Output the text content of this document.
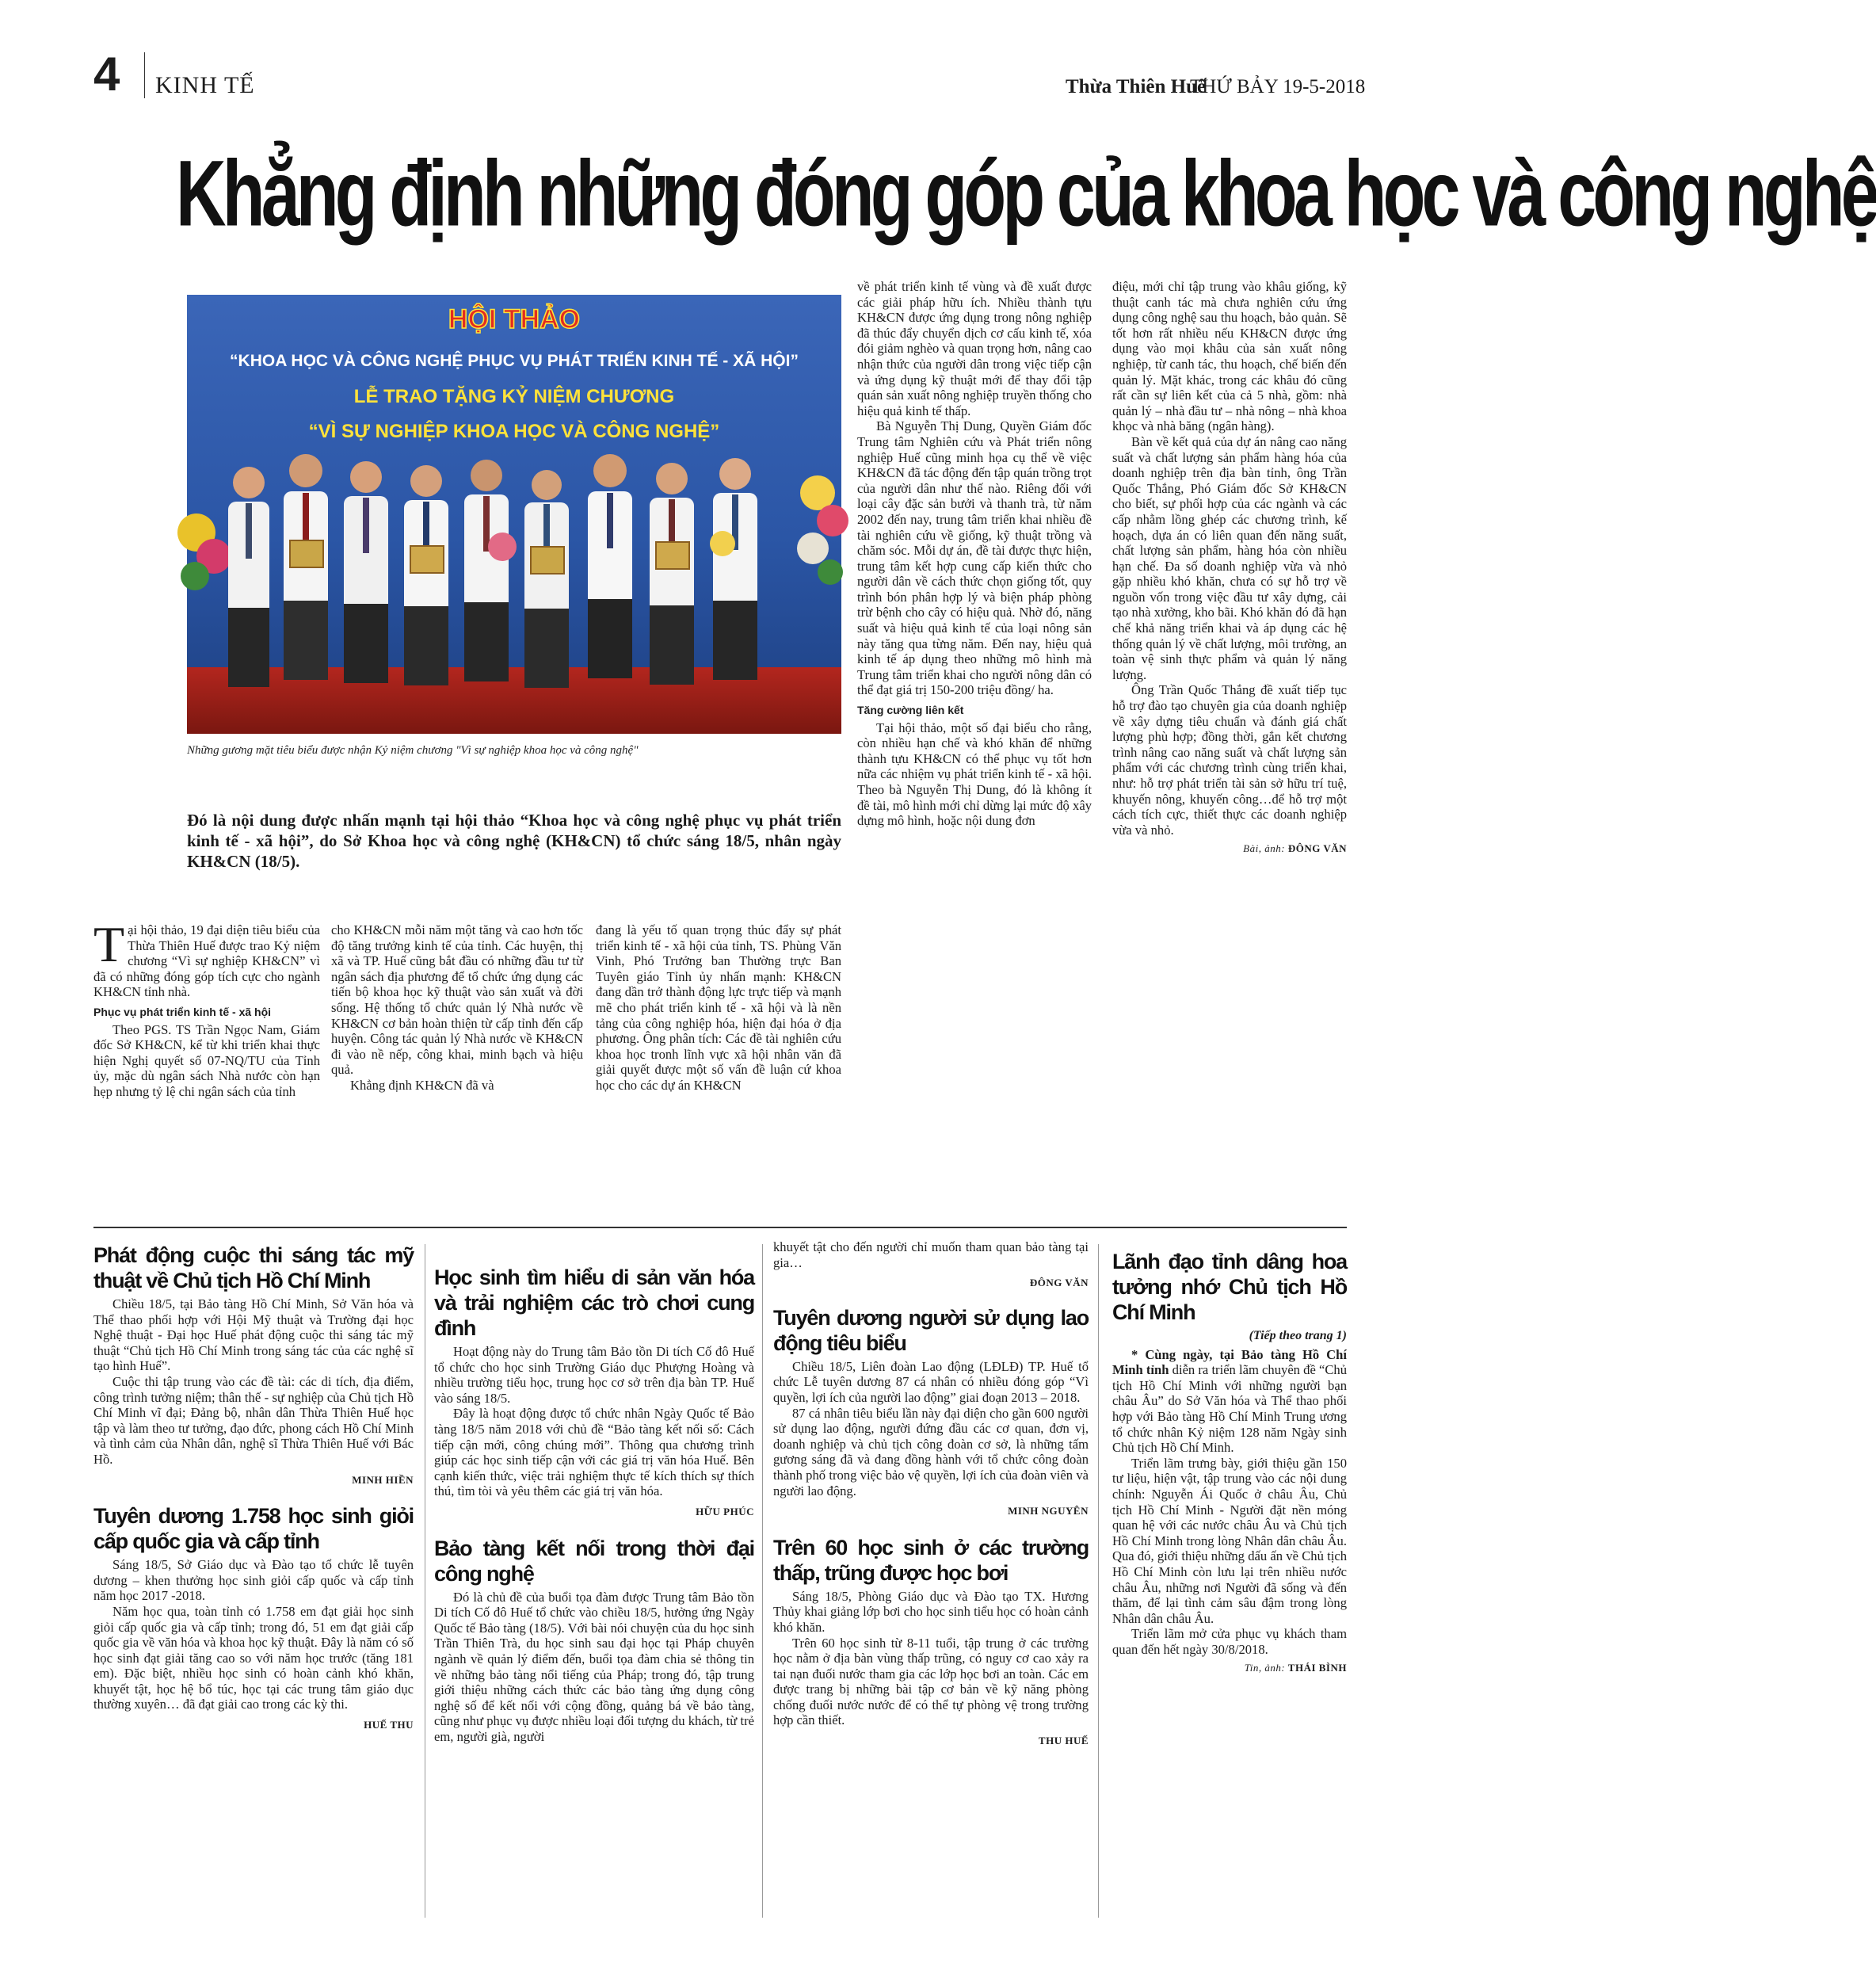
4 KINH TẾ	Thừa Thiên Huế
THỨ BẢY 19-5-2018
Khẳng định những đóng góp của khoa học và công nghệ
HỘI THẢO
“KHOA HỌC VÀ CÔNG NGHỆ PHỤC VỤ PHÁT TRIỂN KINH TẾ - XÃ HỘI”
LỄ TRAO TẶNG KỶ NIỆM CHƯƠNG
“VÌ SỰ NGHIỆP KHOA HỌC VÀ CÔNG NGHỆ”
Những gương mặt tiêu biểu được nhận Kỷ niệm chương "Vì sự nghiệp khoa học và công nghệ"
Đó là nội dung được nhấn mạnh tại hội thảo “Khoa học và công nghệ phục vụ phát triển kinh tế - xã hội”, do Sở Khoa học và công nghệ (KH&CN) tổ chức sáng 18/5, nhân ngày KH&CN (18/5).

Tại hội thảo, 19 đại diện tiêu biểu của Thừa Thiên Huế được trao Kỷ niệm chương “Vì sự nghiệp KH&CN” vì đã có những đóng góp tích cực cho ngành KH&CN tỉnh nhà.

Phục vụ phát triển kinh tế - xã hội

Theo PGS. TS Trần Ngọc Nam, Giám đốc Sở KH&CN, kể từ khi triển khai thực hiện Nghị quyết số 07-NQ/TU của Tỉnh ủy, mặc dù ngân sách Nhà nước còn hạn hẹp nhưng tỷ lệ chi ngân sách của tỉnh

cho KH&CN mỗi năm một tăng và cao hơn tốc độ tăng trưởng kinh tế của tỉnh. Các huyện, thị xã và TP. Huế cũng bắt đầu có những đầu tư từ ngân sách địa phương để tổ chức ứng dụng các tiến bộ khoa học kỹ thuật vào sản xuất và đời sống. Hệ thống tổ chức quản lý Nhà nước về KH&CN cơ bản hoàn thiện từ cấp tỉnh đến cấp huyện. Công tác quản lý Nhà nước về KH&CN đi vào nề nếp, công khai, minh bạch và hiệu quả.

Khẳng định KH&CN đã và

đang là yếu tố quan trọng thúc đẩy sự phát triển kinh tế - xã hội của tỉnh, TS. Phùng Văn Vinh, Phó Trưởng ban Thường trực Ban Tuyên giáo Tỉnh ủy nhấn mạnh: KH&CN đang dần trở thành động lực trực tiếp và mạnh mẽ cho phát triển kinh tế - xã hội và là nền tảng của công nghiệp hóa, hiện đại hóa ở địa phương. Ông phân tích: Các đề tài nghiên cứu khoa học tronh lĩnh vực xã hội nhân văn đã giải quyết được một số vấn đề luận cứ khoa học cho các dự án KH&CN

về phát triển kinh tế vùng và đề xuất được các giải pháp hữu ích. Nhiều thành tựu KH&CN được ứng dụng trong nông nghiệp đã thúc đẩy chuyển dịch cơ cấu kinh tế, xóa đói giảm nghèo và quan trọng hơn, nâng cao nhận thức của người dân trong việc tiếp cận và ứng dụng kỹ thuật mới để thay đổi tập quán sản xuất nông nghiệp truyền thống cho hiệu quả kinh tế thấp.

Bà Nguyễn Thị Dung, Quyền Giám đốc Trung tâm Nghiên cứu và Phát triển nông nghiệp Huế cũng minh họa cụ thể về việc KH&CN đã tác động đến tập quán trồng trọt của người dân như thế nào. Riêng đối với loại cây đặc sản bưởi và thanh trà, từ năm 2002 đến nay, trung tâm triển khai nhiều đề tài nghiên cứu về giống, kỹ thuật trồng và chăm sóc. Mỗi dự án, đề tài được thực hiện, trung tâm kết hợp cung cấp kiến thức cho người dân về cách thức chọn giống tốt, quy trình bón phân hợp lý và biện pháp phòng trừ bệnh cho cây có hiệu quả. Nhờ đó, năng suất và hiệu quả kinh tế của loại nông sản này tăng qua từng năm. Đến nay, hiệu quả kinh tế áp dụng theo những mô hình mà Trung tâm triển khai cho người nông dân có thể đạt giá trị 150-200 triệu đồng/ ha.

Tăng cường liên kết

Tại hội thảo, một số đại biểu cho rằng, còn nhiều hạn chế và khó khăn để những thành tựu KH&CN có thể phục vụ tốt hơn nữa các nhiệm vụ phát triển kinh tế - xã hội. Theo bà Nguyễn Thị Dung, đó là không ít đề tài, mô hình mới chỉ dừng lại mức độ xây dựng mô hình, hoặc nội dung đơn

điệu, mới chỉ tập trung vào khâu giống, kỹ thuật canh tác mà chưa nghiên cứu ứng dụng công nghệ sau thu hoạch, bảo quản. Sẽ tốt hơn rất nhiều nếu KH&CN được ứng dụng vào mọi khâu của sản xuất nông nghiệp, từ canh tác, thu hoạch, chế biến đến quản lý. Mặt khác, trong các khâu đó cũng rất cần sự liên kết của cả 5 nhà, gồm: nhà quản lý – nhà đầu tư – nhà nông – nhà khoa khọc và nhà băng (ngân hàng).

Bàn về kết quả của dự án nâng cao năng suất và chất lượng sản phẩm hàng hóa của doanh nghiệp trên địa bàn tỉnh, ông Trần Quốc Thắng, Phó Giám đốc Sở KH&CN cho biết, sự phối hợp của các ngành và các cấp nhằm lồng ghép các chương trình, kế hoạch, dựa án có liên quan đến năng suất, chất lượng sản phẩm, hàng hóa còn nhiều hạn chế. Đa số doanh nghiệp vừa và nhỏ gặp nhiều khó khăn, chưa có sự hỗ trợ về nguồn vốn trong việc đầu tư xây dựng, cải tạo nhà xưởng, kho bãi. Khó khăn đó đã hạn chế khả năng triển khai và áp dụng các hệ thống quản lý về chất lượng, môi trường, an toàn vệ sinh thực phẩm và quản lý năng lượng.

Ông Trần Quốc Thắng đề xuất tiếp tục hỗ trợ đào tạo chuyên gia của doanh nghiệp về xây dựng tiêu chuẩn và đánh giá chất lượng phù hợp; đồng thời, gắn kết chương trình nâng cao năng suất và chất lượng sản phẩm với các chương trình cùng triển khai, như: hỗ trợ phát triển tài sản sở hữu trí tuệ, khuyến nông, khuyến công…để hỗ trợ một cách tích cực, thiết thực các doanh nghiệp vừa và nhỏ.

Bài, ảnh: ĐÔNG VĂN
Phát động cuộc thi sáng tác mỹ thuật về Chủ tịch Hồ Chí Minh

Chiều 18/5, tại Bảo tàng Hồ Chí Minh, Sở Văn hóa và Thể thao phối hợp với Hội Mỹ thuật và Trường đại học Nghệ thuật - Đại học Huế phát động cuộc thi sáng tác mỹ thuật “Chủ tịch Hồ Chí Minh trong sáng tác của các nghệ sĩ tạo hình Huế”.

Cuộc thi tập trung vào các đề tài: các di tích, địa điểm, công trình tưởng niệm; thân thế - sự nghiệp của Chủ tịch Hồ Chí Minh vĩ đại; Đảng bộ, nhân dân Thừa Thiên Huế học tập và làm theo tư tưởng, đạo đức, phong cách Hồ Chí Minh và tình cảm của Nhân dân, nghệ sĩ Thừa Thiên Huế với Bác Hồ.

MINH HIỀN
Tuyên dương 1.758 học sinh giỏi cấp quốc gia và cấp tỉnh

Sáng 18/5, Sở Giáo dục và Đào tạo tổ chức lễ tuyên dương – khen thưởng học sinh giỏi cấp quốc và cấp tỉnh năm học 2017 -2018.

Năm học qua, toàn tỉnh có 1.758 em đạt giải học sinh giỏi cấp quốc gia và cấp tỉnh; trong đó, 51 em đạt giải cấp quốc gia về văn hóa và khoa học kỹ thuật. Đây là năm có số học sinh đạt giải tăng cao so với năm học trước (tăng 181 em). Đặc biệt, nhiều học sinh có hoàn cảnh khó khăn, khuyết tật, học hệ bổ túc, học tại các trung tâm giáo dục thường xuyên… đã đạt giải cao trong các kỳ thi.

HUẾ THU
Học sinh tìm hiểu di sản văn hóa và trải nghiệm các trò chơi cung đình

Hoạt động này do Trung tâm Bảo tồn Di tích Cố đô Huế tổ chức cho học sinh Trường Giáo dục Phượng Hoàng và nhiều trường tiểu học, trung học cơ sở trên địa bàn TP. Huế vào sáng 18/5.

Đây là hoạt động được tổ chức nhân Ngày Quốc tế Bảo tàng 18/5 năm 2018 với chủ đề “Bảo tàng kết nối số: Cách tiếp cận mới, công chúng mới”. Thông qua chương trình giúp các học sinh tiếp cận với các giá trị văn hóa Huế. Bên cạnh kiến thức, việc trải nghiệm thực tế kích thích sự thích thú, tìm tòi và yêu thêm các giá trị văn hóa.

HỮU PHÚC
Bảo tàng kết nối trong thời đại công nghệ

Đó là chủ đề của buổi tọa đàm được Trung tâm Bảo tồn Di tích Cố đô Huế tổ chức vào chiều 18/5, hưởng ứng Ngày Quốc tế Bảo tàng (18/5). Với bài nói chuyện của du học sinh Trần Thiên Trà, du học sinh sau đại học tại Pháp chuyên ngành về quản lý điểm đến, buổi tọa đàm chia sẻ thông tin về những bảo tàng nổi tiếng của Pháp; trong đó, tập trung giới thiệu những cách thức các bảo tàng ứng dụng công nghệ số để kết nối với cộng đồng, quảng bá về bảo tàng, cũng như phục vụ được nhiều loại đối tượng du khách, từ trẻ em, người già, người

khuyết tật cho đến người chỉ muốn tham quan bảo tàng tại gia…

ĐÔNG VĂN
Tuyên dương người sử dụng lao động tiêu biểu

Chiều 18/5, Liên đoàn Lao động (LĐLĐ) TP. Huế tổ chức Lễ tuyên dương 87 cá nhân có nhiều đóng góp “Vì quyền, lợi ích của người lao động” giai đoạn 2013 – 2018.

87 cá nhân tiêu biểu lần này đại diện cho gần 600 người sử dụng lao động, người đứng đầu các cơ quan, đơn vị, doanh nghiệp và chủ tịch công đoàn cơ sở, là những tấm gương sáng đã và đang đồng hành với tổ chức công đoàn thành phố trong việc bảo vệ quyền, lợi ích của đoàn viên và người lao động.

MINH NGUYÊN
Trên 60 học sinh ở các trường thấp, trũng được học bơi

Sáng 18/5, Phòng Giáo dục và Đào tạo TX. Hương Thủy khai giảng lớp bơi cho học sinh tiểu học có hoàn cảnh khó khăn.

Trên 60 học sinh từ 8-11 tuổi, tập trung ở các trường học nằm ở địa bàn vùng thấp trũng, có nguy cơ cao xảy ra tai nạn đuối nước tham gia các lớp học bơi an toàn. Các em được trang bị những bài tập cơ bản về kỹ năng phòng chống đuối nước nước để có thể tự phòng vệ trong trường hợp cần thiết.

THU HUẾ
Lãnh đạo tỉnh dâng hoa tưởng nhớ Chủ tịch Hồ Chí Minh
(Tiếp theo trang 1)

* Cùng ngày, tại Bảo tàng Hồ Chí Minh tỉnh diễn ra triển lãm chuyên đề “Chủ tịch Hồ Chí Minh với những người bạn châu Âu” do Sở Văn hóa và Thể thao phối hợp với Bảo tàng Hồ Chí Minh Trung ương tổ chức nhân Kỷ niệm 128 năm Ngày sinh Chủ tịch Hồ Chí Minh.

Triển lãm trưng bày, giới thiệu gần 150 tư liệu, hiện vật, tập trung vào các nội dung chính: Nguyễn Ái Quốc ở châu Âu, Chủ tịch Hồ Chí Minh - Người đặt nền móng quan hệ với các nước châu Âu và Chủ tịch Hồ Chí Minh trong lòng Nhân dân châu Âu. Qua đó, giới thiệu những dấu ấn về Chủ tịch Hồ Chí Minh còn lưu lại trên nhiều nước châu Âu, những nơi Người đã sống và đến thăm, để lại tình cảm sâu đậm trong lòng Nhân dân châu Âu.

Triển lãm mở cửa phục vụ khách tham quan đến hết ngày 30/8/2018.

Tin, ảnh: THÁI BÌNH
